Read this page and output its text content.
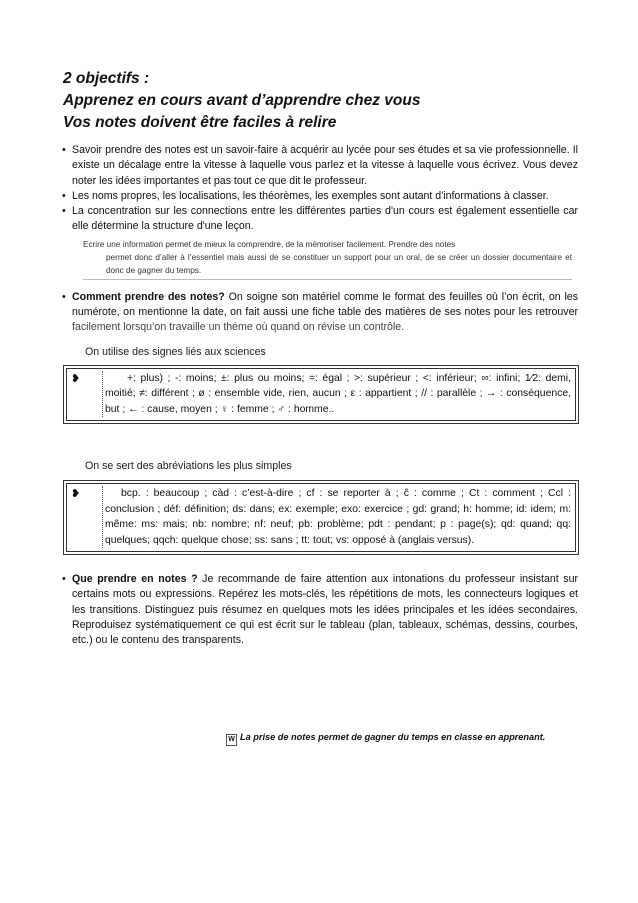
2 objectifs :

Apprenez en cours avant d’apprendre chez vous

Vos notes doivent être faciles à relire

• Savoir prendre des notes est un savoir-faire à acquérir au lycée pour ses études et sa vie professionnelle. Il existe un décalage entre la vitesse à laquelle vous parlez et la vitesse à laquelle vous écrivez. Vous devez noter les idées importantes et pas tout ce que dit le professeur.

• Les noms propres, les localisations, les théorèmes, les exemples sont autant d'informations à classer.

• La concentration sur les connections entre les différentes parties d'un cours est également essentielle car elle détermine la structure d'une leçon.

Ecrire une information permet de mieux la comprendre, de la mémoriser facilement. Prendre des notes
permet donc d’aller à l’essentiel mais aussi de se constituer un support pour un oral, de se créer un dossier documentaire et donc de gagner du temps.

• Comment prendre des notes? On soigne son matériel comme le format des feuilles où l’on écrit, on les numérote, on mentionne la date, on fait aussi une fiche table des matières de ses notes pour les retrouver facilement lorsqu’on travaille un thème où quand on révise un contrôle.

On utilise des signes liés aux sciences

❥	+: plus) ; -: moins; ±: plus ou moins; =: égal ; >: supérieur ; <: inférieur; ∞: infini; 1⁄2: demi, moitié; ≠: différent ; ø : ensemble vide, rien, aucun ; ε : appartient ; // : parallèle ; → : conséquence, but ; ← : cause, moyen ; ♀ : femme ; ♂ : homme..

On se sert des abréviations les plus simples

❥	bcp. : beaucoup ; càd : c’est-à-dire ; cf : se reporter à ; ĉ : comme ; Ct : comment ; Ccl : conclusion ; déf: définition; ds: dans; ex: exemple; exo: exercice ; gd: grand; h: homme; id: idem; m: même: ms: mais; nb: nombre; nf: neuf; pb: problème; pdt : pendant; p : page(s); qd: quand; qq: quelques; qqch: quelque chose; ss: sans ; tt: tout; vs: opposé à (anglais versus).

• Que prendre en notes ? Je recommande de faire attention aux intonations du professeur insistant sur certains mots ou expressions. Repérez les mots-clés, les répétitions de mots, les connecteurs logiques et les transitions. Distinguez puis résumez en quelques mots les idées principales et les idées secondaires. Reproduisez systématiquement ce qui est écrit sur le tableau (plan, tableaux, schémas, dessins, courbes, etc.) ou le contenu des transparents.

W La prise de notes permet de gagner du temps en classe en apprenant.
